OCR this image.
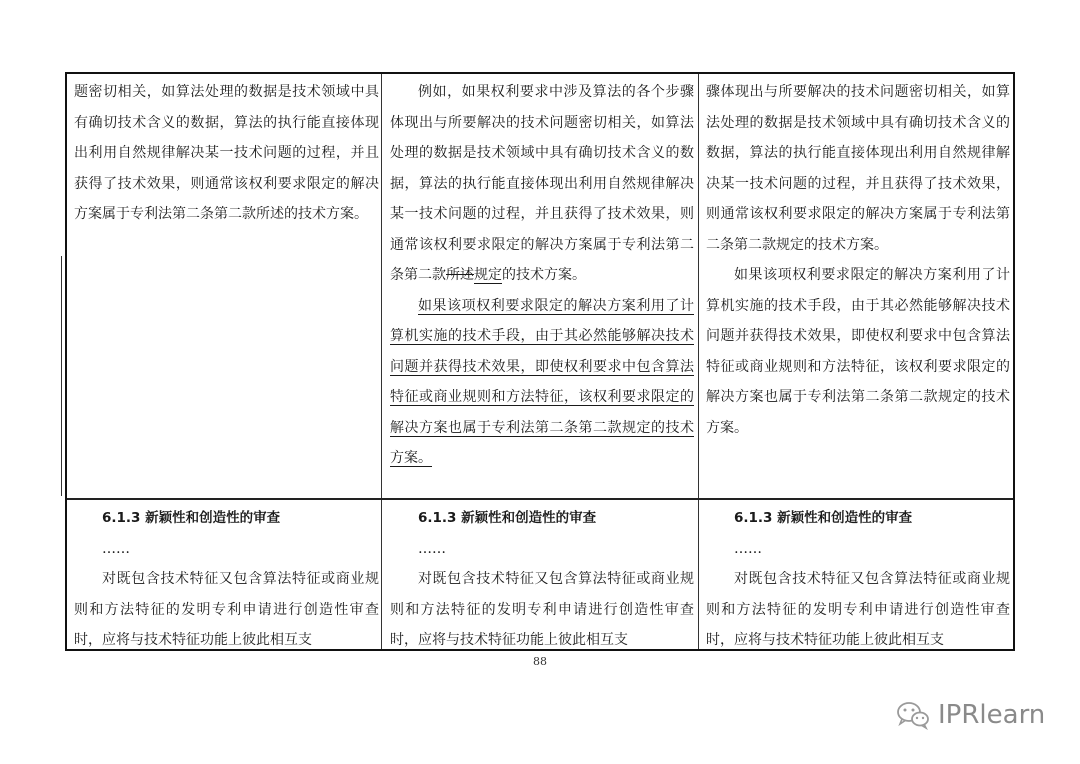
题密切相关，如算法处理的数据是技术领域中具有确切技术含义的数据，算法的执行能直接体现出利用自然规律解决某一技术问题的过程，并且获得了技术效果，则通常该权利要求限定的解决方案属于专利法第二条第二款所述的技术方案。

例如，如果权利要求中涉及算法的各个步骤体现出与所要解决的技术问题密切相关，如算法处理的数据是技术领域中具有确切技术含义的数据，算法的执行能直接体现出利用自然规律解决某一技术问题的过程，并且获得了技术效果，则通常该权利要求限定的解决方案属于专利法第二条第二款所述规定的技术方案。

如果该项权利要求限定的解决方案利用了计算机实施的技术手段，由于其必然能够解决技术问题并获得技术效果，即使权利要求中包含算法特征或商业规则和方法特征，该权利要求限定的解决方案也属于专利法第二条第二款规定的技术方案。

骤体现出与所要解决的技术问题密切相关，如算法处理的数据是技术领域中具有确切技术含义的数据，算法的执行能直接体现出利用自然规律解决某一技术问题的过程，并且获得了技术效果，则通常该权利要求限定的解决方案属于专利法第二条第二款规定的技术方案。

如果该项权利要求限定的解决方案利用了计算机实施的技术手段，由于其必然能够解决技术问题并获得技术效果，即使权利要求中包含算法特征或商业规则和方法特征，该权利要求限定的解决方案也属于专利法第二条第二款规定的技术方案。

6.1.3 新颖性和创造性的审查

……

对既包含技术特征又包含算法特征或商业规则和方法特征的发明专利申请进行创造性审查时，应将与技术特征功能上彼此相互支

6.1.3 新颖性和创造性的审查

……

对既包含技术特征又包含算法特征或商业规则和方法特征的发明专利申请进行创造性审查时，应将与技术特征功能上彼此相互支

6.1.3 新颖性和创造性的审查

……

对既包含技术特征又包含算法特征或商业规则和方法特征的发明专利申请进行创造性审查时，应将与技术特征功能上彼此相互支

88
IPRlearn
